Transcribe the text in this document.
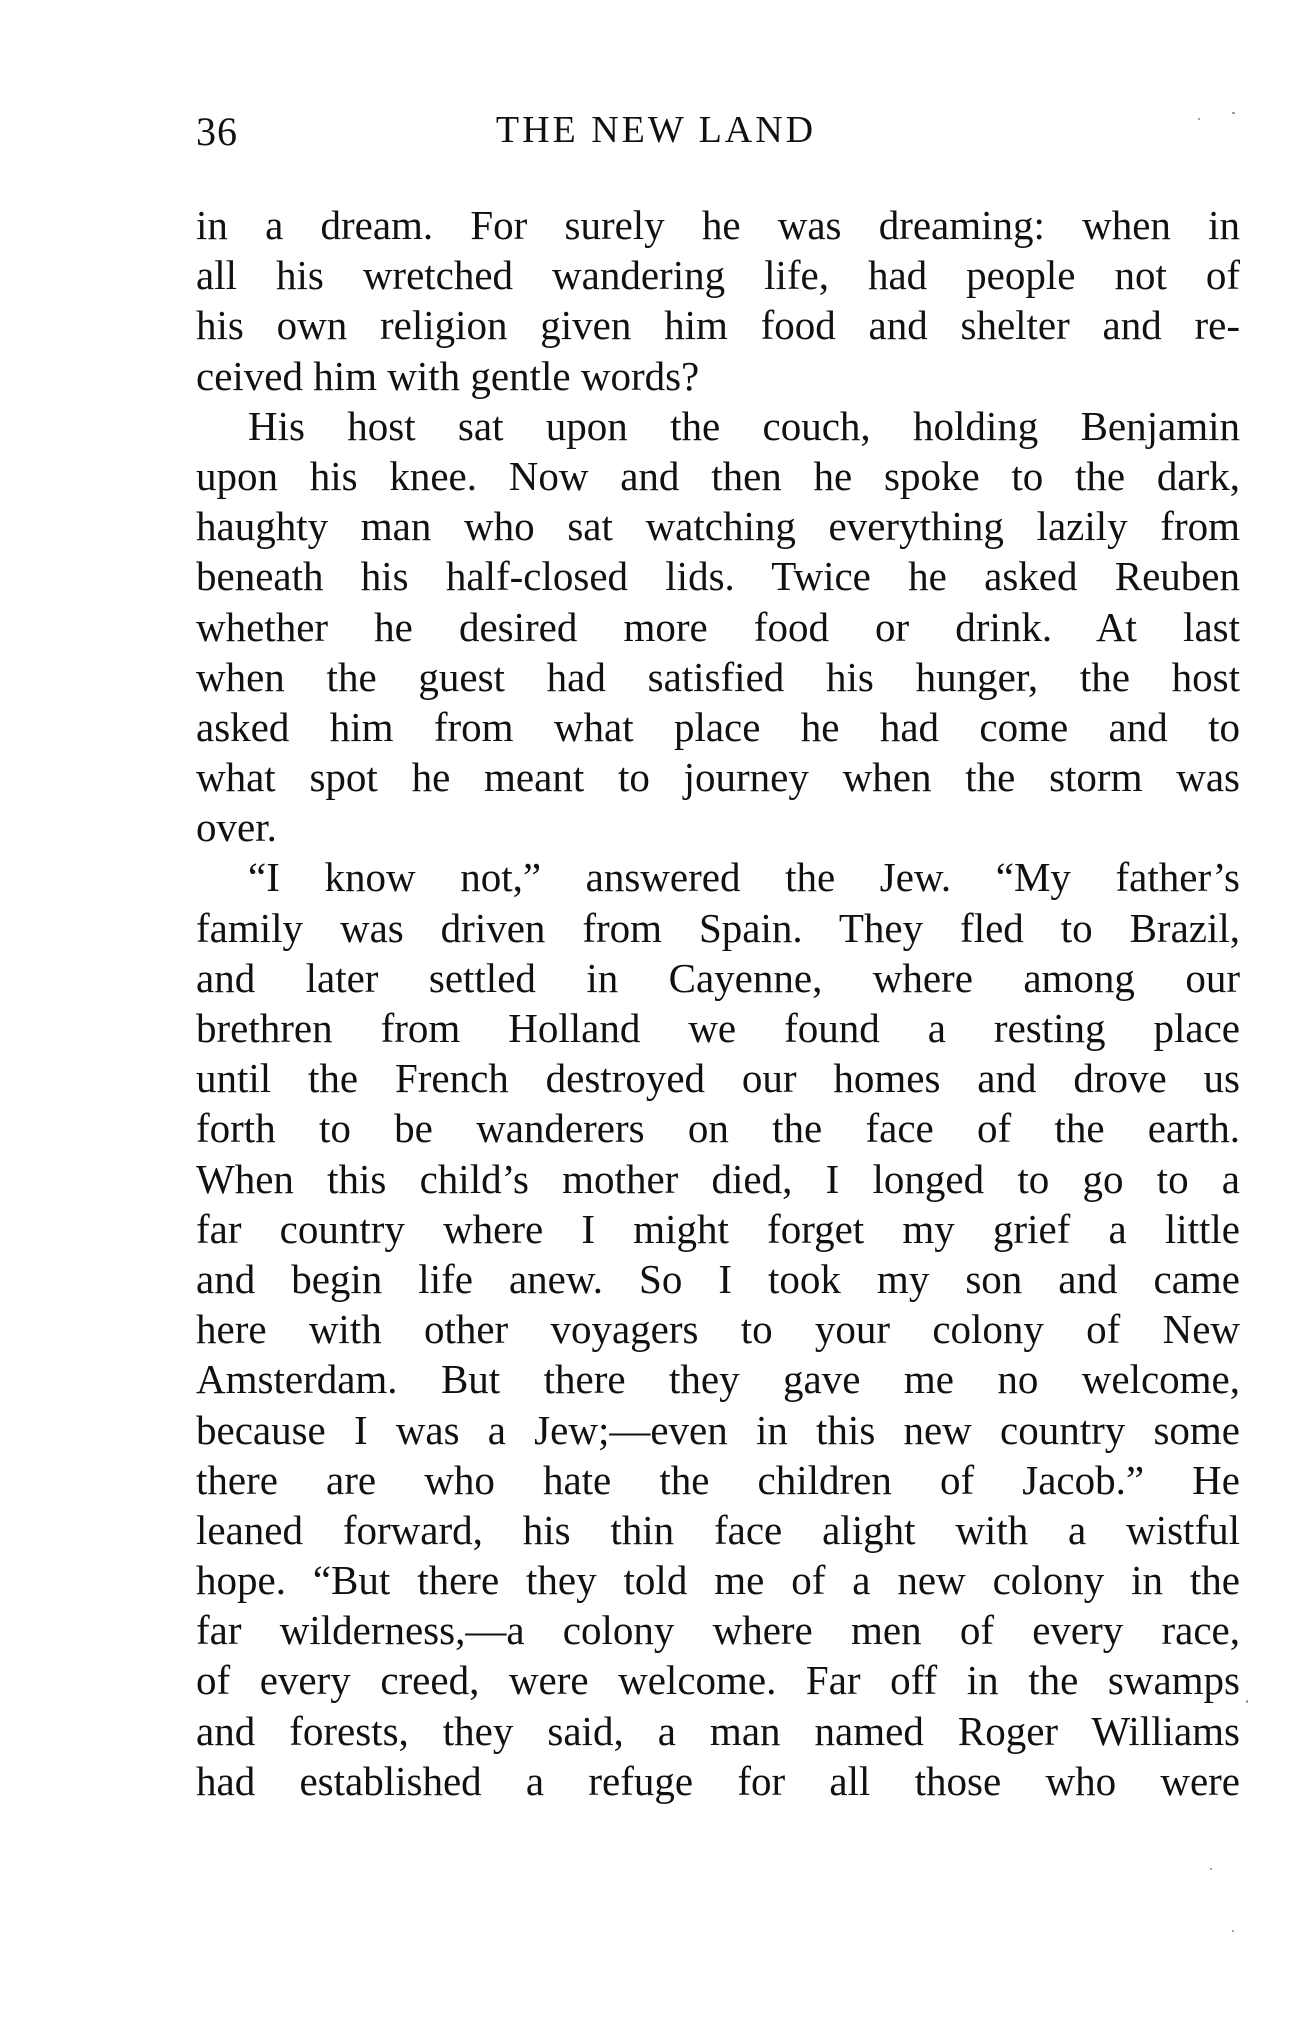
36	THE NEW LAND
in a dream. For surely he was dreaming: when in
all his wretched wandering life, had people not of
his own religion given him food and shelter and re-
ceived him with gentle words?
His host sat upon the couch, holding Benjamin
upon his knee. Now and then he spoke to the dark,
haughty man who sat watching everything lazily from
beneath his half-closed lids. Twice he asked Reuben
whether he desired more food or drink. At last
when the guest had satisfied his hunger, the host
asked him from what place he had come and to
what spot he meant to journey when the storm was
over.
“I know not,” answered the Jew. “My father’s
family was driven from Spain. They fled to Brazil,
and later settled in Cayenne, where among our
brethren from Holland we found a resting place
until the French destroyed our homes and drove us
forth to be wanderers on the face of the earth.
When this child’s mother died, I longed to go to a
far country where I might forget my grief a little
and begin life anew. So I took my son and came
here with other voyagers to your colony of New
Amsterdam. But there they gave me no welcome,
because I was a Jew;—even in this new country some
there are who hate the children of Jacob.” He
leaned forward, his thin face alight with a wistful
hope. “But there they told me of a new colony in the
far wilderness,—a colony where men of every race,
of every creed, were welcome. Far off in the swamps
and forests, they said, a man named Roger Williams
had established a refuge for all those who were
